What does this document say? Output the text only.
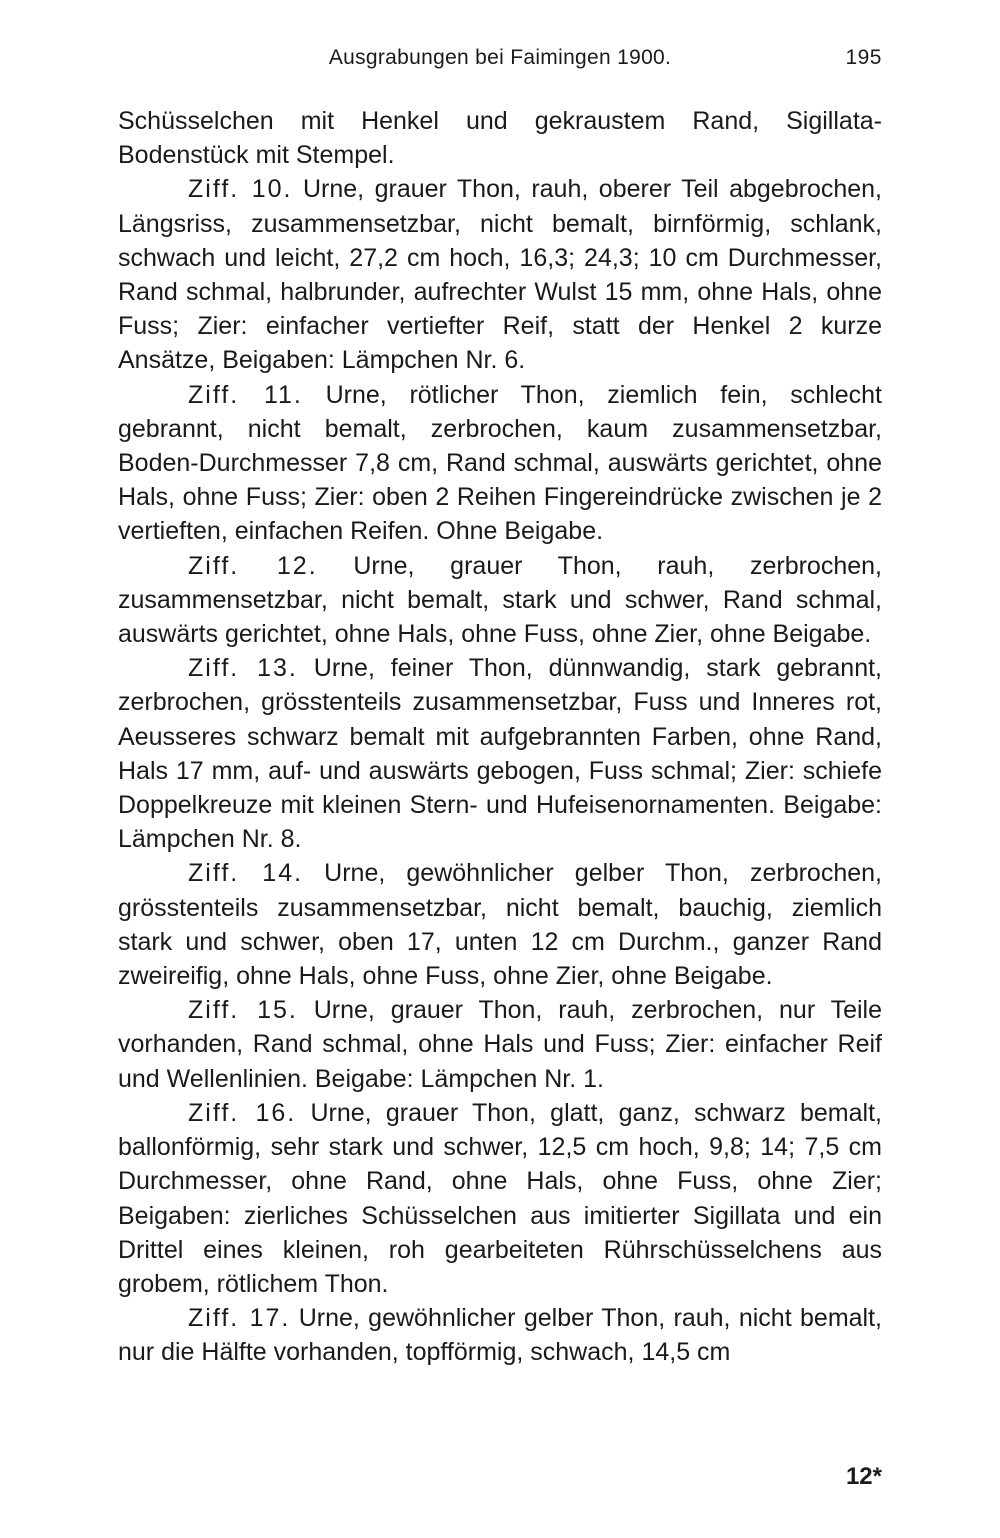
Ausgrabungen bei Faimingen 1900.	195

Schüsselchen mit Henkel und gekraustem Rand, Sigillata-Bodenstück mit Stempel.

Ziff. 10. Urne, grauer Thon, rauh, oberer Teil abgebrochen, Längsriss, zusammensetzbar, nicht bemalt, birnförmig, schlank, schwach und leicht, 27,2 cm hoch, 16,3; 24,3; 10 cm Durchmesser, Rand schmal, halbrunder, aufrechter Wulst 15 mm, ohne Hals, ohne Fuss; Zier: einfacher vertiefter Reif, statt der Henkel 2 kurze Ansätze, Beigaben: Lämpchen Nr. 6.

Ziff. 11. Urne, rötlicher Thon, ziemlich fein, schlecht gebrannt, nicht bemalt, zerbrochen, kaum zusammensetzbar, Boden-Durchmesser 7,8 cm, Rand schmal, auswärts gerichtet, ohne Hals, ohne Fuss; Zier: oben 2 Reihen Fingereindrücke zwischen je 2 vertieften, einfachen Reifen. Ohne Beigabe.

Ziff. 12. Urne, grauer Thon, rauh, zerbrochen, zusammensetzbar, nicht bemalt, stark und schwer, Rand schmal, auswärts gerichtet, ohne Hals, ohne Fuss, ohne Zier, ohne Beigabe.

Ziff. 13. Urne, feiner Thon, dünnwandig, stark gebrannt, zerbrochen, grösstenteils zusammensetzbar, Fuss und Inneres rot, Aeusseres schwarz bemalt mit aufgebrannten Farben, ohne Rand, Hals 17 mm, auf- und auswärts gebogen, Fuss schmal; Zier: schiefe Doppelkreuze mit kleinen Stern- und Hufeisenornamenten. Beigabe: Lämpchen Nr. 8.

Ziff. 14. Urne, gewöhnlicher gelber Thon, zerbrochen, grösstenteils zusammensetzbar, nicht bemalt, bauchig, ziemlich stark und schwer, oben 17, unten 12 cm Durchm., ganzer Rand zweireifig, ohne Hals, ohne Fuss, ohne Zier, ohne Beigabe.

Ziff. 15. Urne, grauer Thon, rauh, zerbrochen, nur Teile vorhanden, Rand schmal, ohne Hals und Fuss; Zier: einfacher Reif und Wellenlinien. Beigabe: Lämpchen Nr. 1.

Ziff. 16. Urne, grauer Thon, glatt, ganz, schwarz bemalt, ballonförmig, sehr stark und schwer, 12,5 cm hoch, 9,8; 14; 7,5 cm Durchmesser, ohne Rand, ohne Hals, ohne Fuss, ohne Zier; Beigaben: zierliches Schüsselchen aus imitierter Sigillata und ein Drittel eines kleinen, roh gearbeiteten Rührschüsselchens aus grobem, rötlichem Thon.

Ziff. 17. Urne, gewöhnlicher gelber Thon, rauh, nicht bemalt, nur die Hälfte vorhanden, topfförmig, schwach, 14,5 cm

12*
